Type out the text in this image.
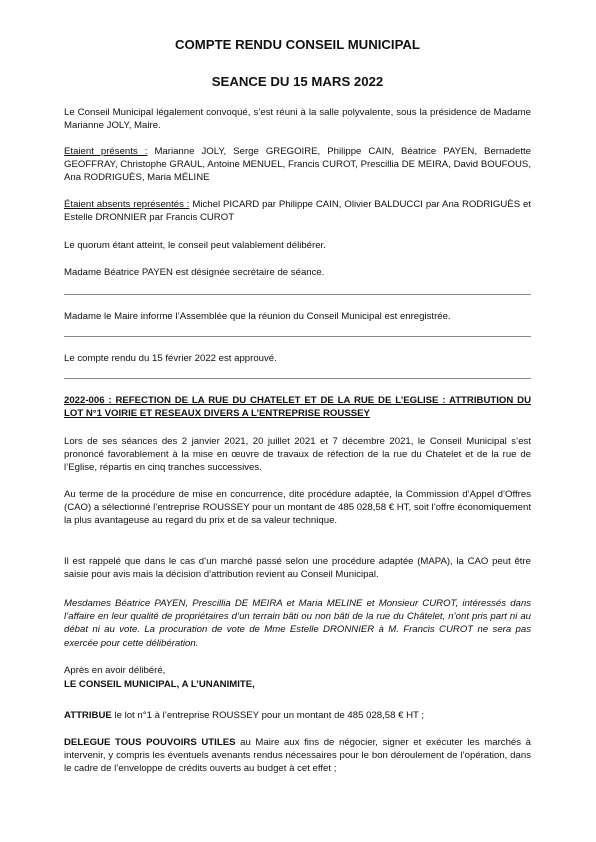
COMPTE RENDU CONSEIL MUNICIPAL
SEANCE DU 15 MARS 2022

Le Conseil Municipal légalement convoqué, s’est réuni à la salle polyvalente, sous la présidence de Madame Marianne JOLY, Maire.

Etaient présents : Marianne JOLY, Serge GREGOIRE, Philippe CAIN, Béatrice PAYEN, Bernadette GEOFFRAY, Christophe GRAUL, Antoine MENUEL, Francis CUROT, Prescillia DE MEIRA, David BOUFOUS, Ana RODRIGUÈS, Maria MÉLINE

Étaient absents représentés : Michel PICARD par Philippe CAIN, Olivier BALDUCCI par Ana RODRIGUÈS et Estelle DRONNIER par Francis CUROT

Le quorum étant atteint, le conseil peut valablement délibérer.

Madame Béatrice PAYEN est désignée secrétaire de séance.

Madame le Maire informe l’Assemblée que la réunion du Conseil Municipal est enregistrée.

Le compte rendu du 15 février 2022 est approuvé.

2022-006 : REFECTION DE LA RUE DU CHATELET ET DE LA RUE DE L’EGLISE : ATTRIBUTION DU LOT N°1 VOIRIE ET RESEAUX DIVERS A L’ENTREPRISE ROUSSEY

Lors de ses séances des 2 janvier 2021, 20 juillet 2021 et 7 décembre 2021, le Conseil Municipal s’est prononcé favorablement à la mise en œuvre de travaux de réfection de la rue du Chatelet et de la rue de l’Eglise, répartis en cinq tranches successives.

Au terme de la procédure de mise en concurrence, dite procédure adaptée, la Commission d’Appel d’Offres (CAO) a sélectionné l’entreprise ROUSSEY pour un montant de 485 028,58 € HT, soit l’offre économiquement la plus avantageuse au regard du prix et de sa valeur technique.

Il est rappelé que dans le cas d’un marché passé selon une procédure adaptée (MAPA), la CAO peut être saisie pour avis mais la décision d’attribution revient au Conseil Municipal.

Mesdames Béatrice PAYEN, Prescillia DE MEIRA et Maria MELINE et Monsieur CUROT, intéressés dans l’affaire en leur qualité de propriétaires d’un terrain bâti ou non bâti de la rue du Châtelet, n’ont pris part ni au débat ni au vote. La procuration de vote de Mme Estelle DRONNIER à M. Francis CUROT ne sera pas exercée pour cette délibération.

Après en avoir délibéré,

LE CONSEIL MUNICIPAL, A L’UNANIMITE,

ATTRIBUE le lot n°1 à l’entreprise ROUSSEY pour un montant de 485 028,58 € HT ;

DELEGUE TOUS POUVOIRS UTILES au Maire aux fins de négocier, signer et exécuter les marchés à intervenir, y compris les éventuels avenants rendus nécessaires pour le bon déroulement de l’opération, dans le cadre de l’enveloppe de crédits ouverts au budget à cet effet ;
